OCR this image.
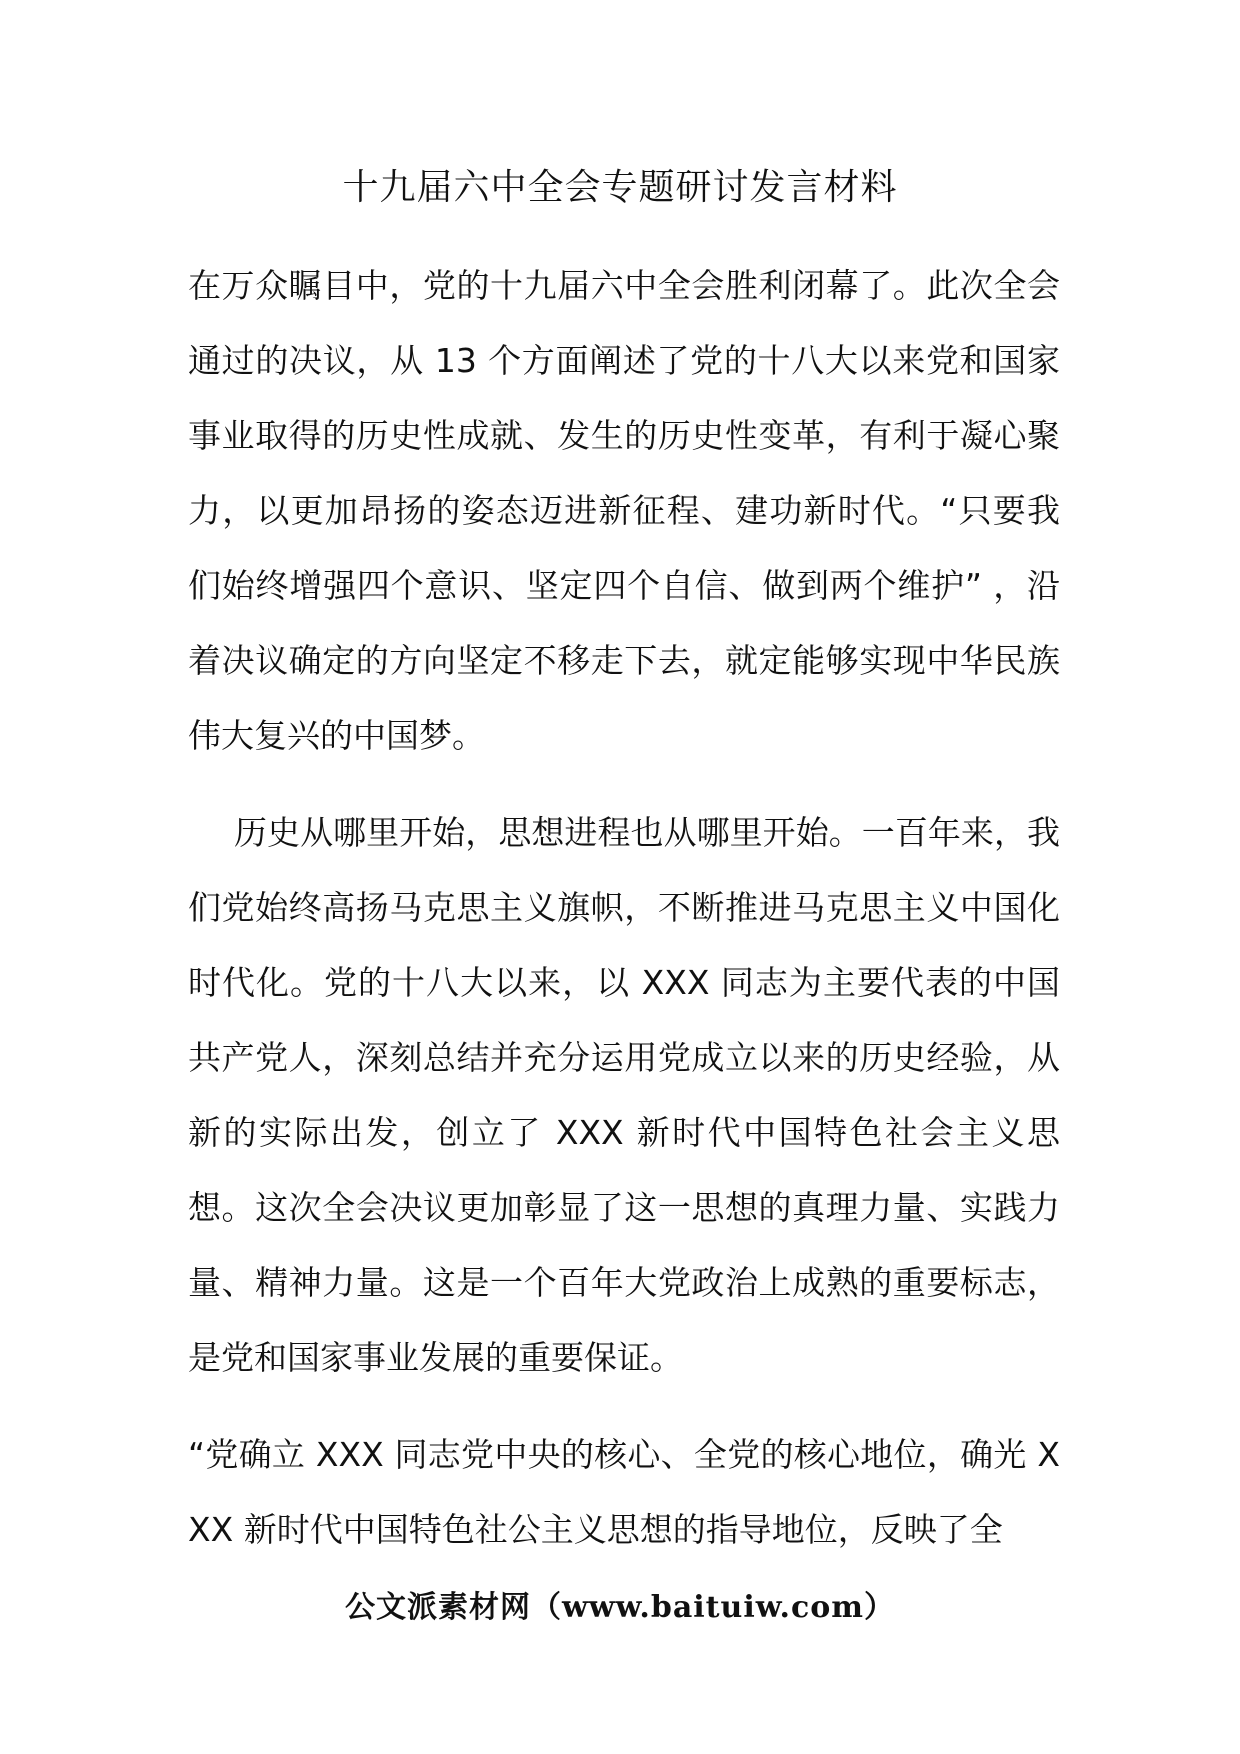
十九届六中全会专题研讨发言材料

在万众瞩目中，党的十九届六中全会胜利闭幕了。此次全会通过的决议，从 13 个方面阐述了党的十八大以来党和国家事业取得的历史性成就、发生的历史性变革，有利于凝心聚力，以更加昂扬的姿态迈进新征程、建功新时代。“只要我们始终增强四个意识、坚定四个自信、做到两个维护” ，沿着决议确定的方向坚定不移走下去，就定能够实现中华民族伟大复兴的中国梦。

历史从哪里开始，思想进程也从哪里开始。一百年来，我们党始终高扬马克思主义旗帜，不断推进马克思主义中国化时代化。党的十八大以来，以 XXX 同志为主要代表的中国共产党人，深刻总结并充分运用党成立以来的历史经验，从新的实际出发，创立了 XXX 新时代中国特色社会主义思想。这次全会决议更加彰显了这一思想的真理力量、实践力量、精神力量。这是一个百年大党政治上成熟的重要标志，是党和国家事业发展的重要保证。

“党确立 XXX 同志党中央的核心、全党的核心地位，确光 XXX 新时代中国特色社公主义思想的指导地位，反映了全

公文派素材网（www.baituiw.com）
